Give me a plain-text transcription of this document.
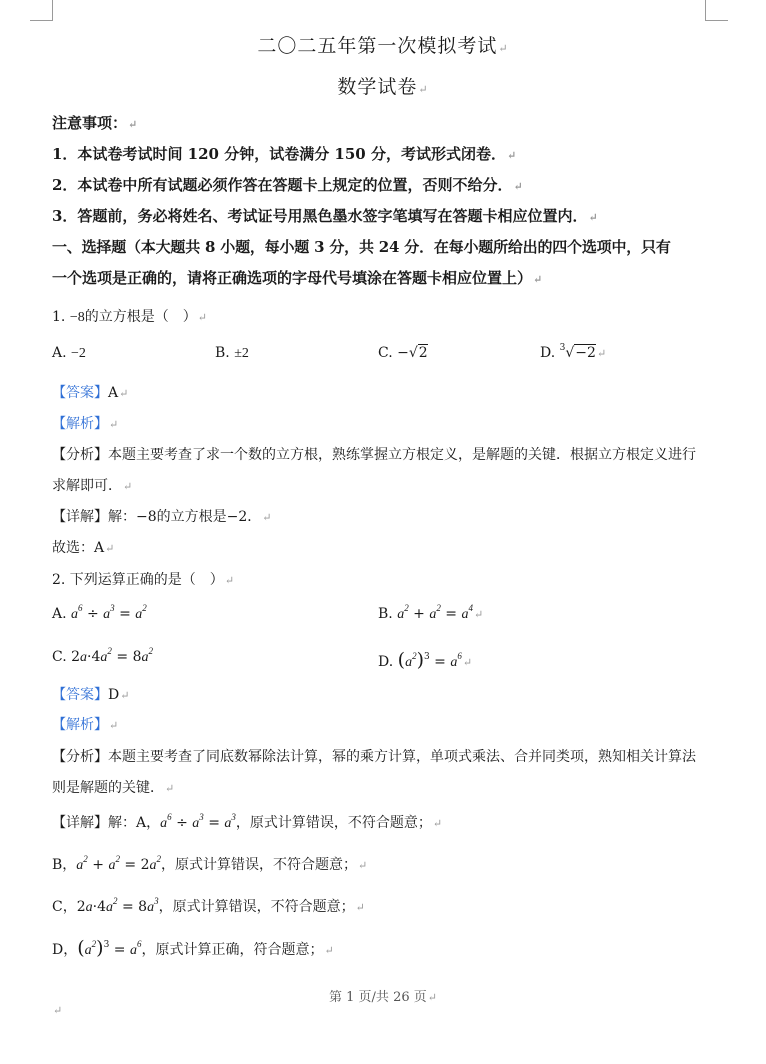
二〇二五年第一次模拟考试↵
数学试卷↵
注意事项：↵
1．本试卷考试时间 120 分钟，试卷满分 150 分，考试形式闭卷．↵
2．本试卷中所有试题必须作答在答题卡上规定的位置，否则不给分．↵
3．答题前，务必将姓名、考试证号用黑色墨水签字笔填写在答题卡相应位置内．↵
一、选择题（本大题共 8 小题，每小题 3 分，共 24 分．在每小题所给出的四个选项中，只有
一个选项是正确的，请将正确选项的字母代号填涂在答题卡相应位置上）↵
1. −8的立方根是（　）↵
A. −2	B. ±2	C. −√2	D. $^3$√−2↵
【答案】A↵
【解析】↵
【分析】本题主要考查了求一个数的立方根，熟练掌握立方根定义，是解题的关键．根据立方根定义进行
求解即可．↵
【详解】解：−8的立方根是−2．↵
故选：A↵
2. 下列运算正确的是（　）↵
A. $a^6 \div a^3 = a^2$	B. $a^2 + a^2$ = $a^4↵$
C. $2a\cdot 4a^2 = 8a^2$
D. $(a^2)^3$ = $a^6↵$
【答案】D↵
【解析】↵
【分析】本题主要考查了同底数幂除法计算，幂的乘方计算，单项式乘法、合并同类项，熟知相关计算法
则是解题的关键．↵
【详解】解：A，$a^6 \div a^3 = a^3$，原式计算错误，不符合题意；↵
B，$a^2 + a^2 = 2a^2$，原式计算错误，不符合题意；↵
C，$2a\cdot 4a^2 = 8a^3$，原式计算错误，不符合题意；↵
D，$(a^2)^3 = a^6$，原式计算正确，符合题意；↵
第 1 页/共 26 页↵
↵
